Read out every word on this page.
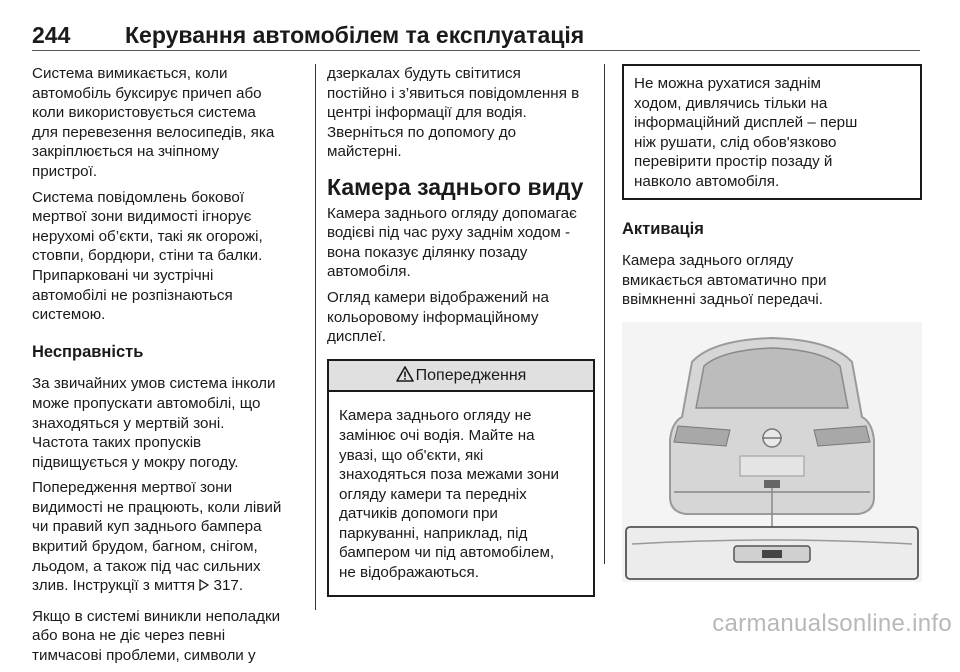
244 Керування автомобілем та експлуатація

Система вимикається, коли
автомобіль буксирує причеп або
коли використовується система
для перевезення велосипедів, яка
закріплюється на зчіпному
пристрої.

Система повідомлень бокової
мертвої зони видимості ігнорує
нерухомі об’єкти, такі як огорожі,
стовпи, бордюри, стіни та балки.
Припарковані чи зустрічні
автомобілі не розпізнаються
системою.

Несправність

За звичайних умов система інколи
може пропускати автомобілі, що
знаходяться у мертвій зоні.
Частота таких пропусків
підвищується у мокру погоду.

Попередження мертвої зони
видимості не працюють, коли лівий
чи правий куп заднього бампера
вкритий брудом, багном, снігом,
льодом, а також під час сильних
злив. Інструкції з миття  317.

Якщо в системі виникли неполадки
або вона не діє через певні
тимчасові проблеми, символи у

дзеркалах будуть світитися
постійно і з’явиться повідомлення в
центрі інформації для водія.
Зверніться по допомогу до
майстерні.

Камера заднього виду

Камера заднього огляду допомагає
водієві під час руху заднім ходом -
вона показує ділянку позаду
автомобіля.

Огляд камери відображений на
кольоровому інформаційному
дисплеї.

Попередження
Камера заднього огляду не
замінює очі водія. Майте на
увазі, що об'єкти, які
знаходяться поза межами зони
огляду камери та передніх
датчиків допомоги при
паркуванні, наприклад, під
бампером чи під автомобілем,
не відображаються.
Не можна рухатися заднім
ходом, дивлячись тільки на
інформаційний дисплей – перш
ніж рушати, слід обов'язково
перевірити простір позаду й
навколо автомобіля.
Активація

Камера заднього огляду
вмикається автоматично при
ввімкненні задньої передачі.

carmanualsonline.info
